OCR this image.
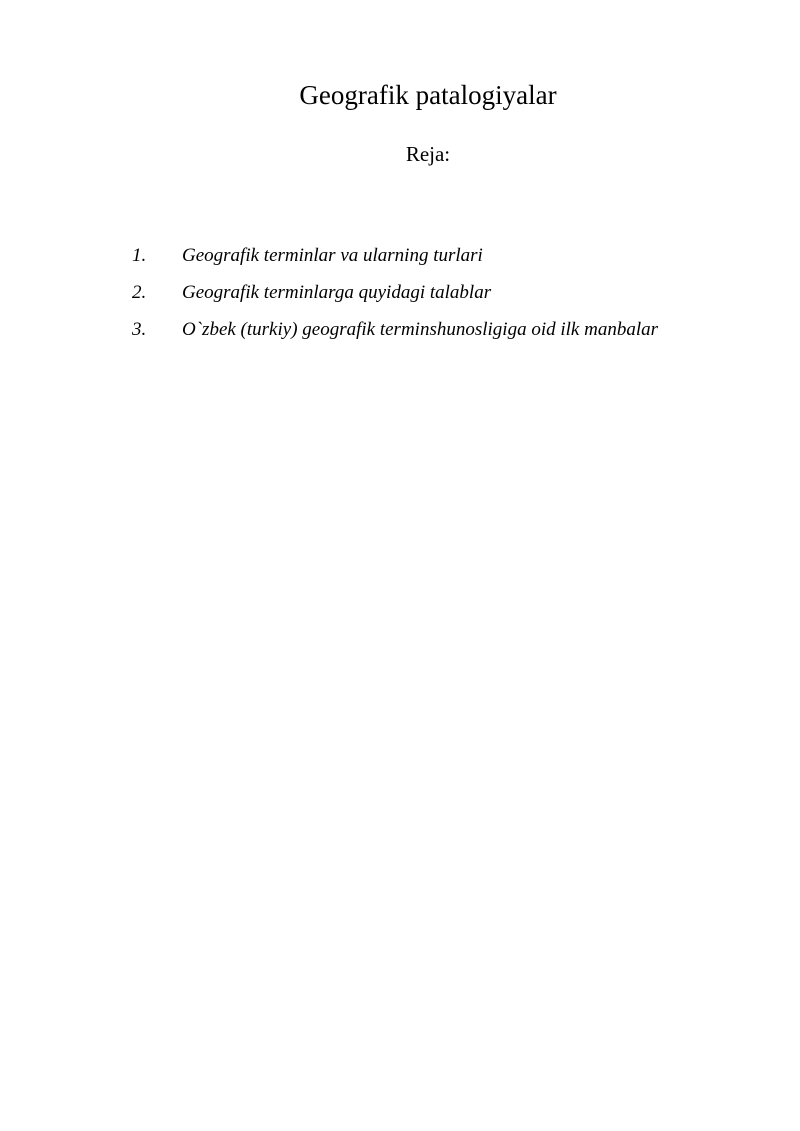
Geografik patalogiyalar
Reja:
1.	Geografik terminlar va ularning turlari
2.	Geografik terminlarga quyidagi talablar
3.	O`zbek (turkiy) geografik terminshunosligiga oid ilk manbalar
